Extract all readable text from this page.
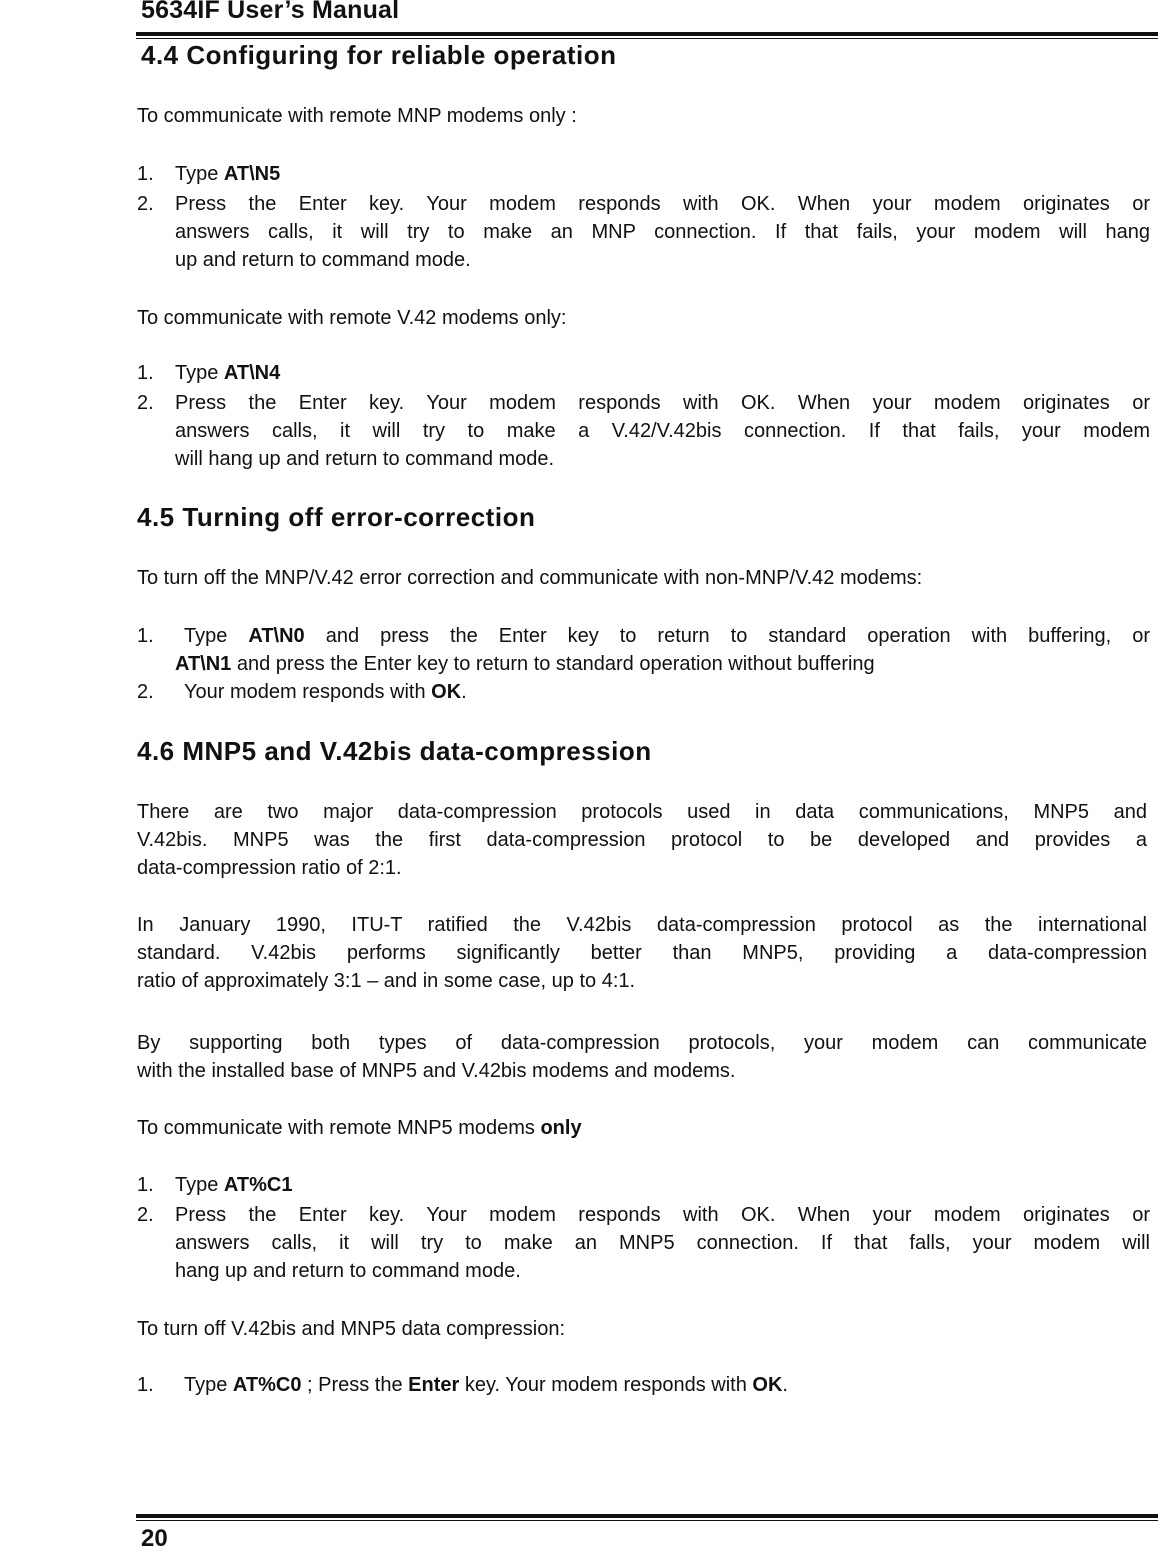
5634IF User’s Manual
4.4 Configuring for reliable operation
To communicate with remote MNP modems only :
1.	Type AT\N5
2.	Press the Enter key. Your modem responds with OK. When your modem originates or
answers calls, it will try to make an MNP connection. If that fails, your modem will hang
up and return to command mode.
To communicate with remote V.42 modems only:
1.	Type AT\N4
2.	Press the Enter key. Your modem responds with OK. When your modem originates or
answers calls, it will try to make a V.42/V.42bis connection. If that fails, your modem
will hang up and return to command mode.
4.5 Turning off error-correction
To turn off the MNP/V.42 error correction and communicate with non-MNP/V.42 modems:
1.	Type AT\N0 and press the Enter key to return to standard operation with buffering, or
AT\N1 and press the Enter key to return to standard operation without buffering
2.	Your modem responds with OK.
4.6 MNP5 and V.42bis data-compression
There are two major data-compression protocols used in data communications, MNP5 and
V.42bis. MNP5 was the first data-compression protocol to be developed and provides a
data-compression ratio of 2:1.
In January 1990, ITU-T ratified the V.42bis data-compression protocol as the international
standard. V.42bis performs significantly better than MNP5, providing a data-compression
ratio of approximately 3:1 – and in some case, up to 4:1.
By supporting both types of data-compression protocols, your modem can communicate
with the installed base of MNP5 and V.42bis modems and modems.
To communicate with remote MNP5 modems only
1.	Type AT%C1
2.	Press the Enter key. Your modem responds with OK. When your modem originates or
answers calls, it will try to make an MNP5 connection. If that falls, your modem will
hang up and return to command mode.
To turn off V.42bis and MNP5 data compression:
1.	Type AT%C0 ; Press the Enter key. Your modem responds with OK.
20
